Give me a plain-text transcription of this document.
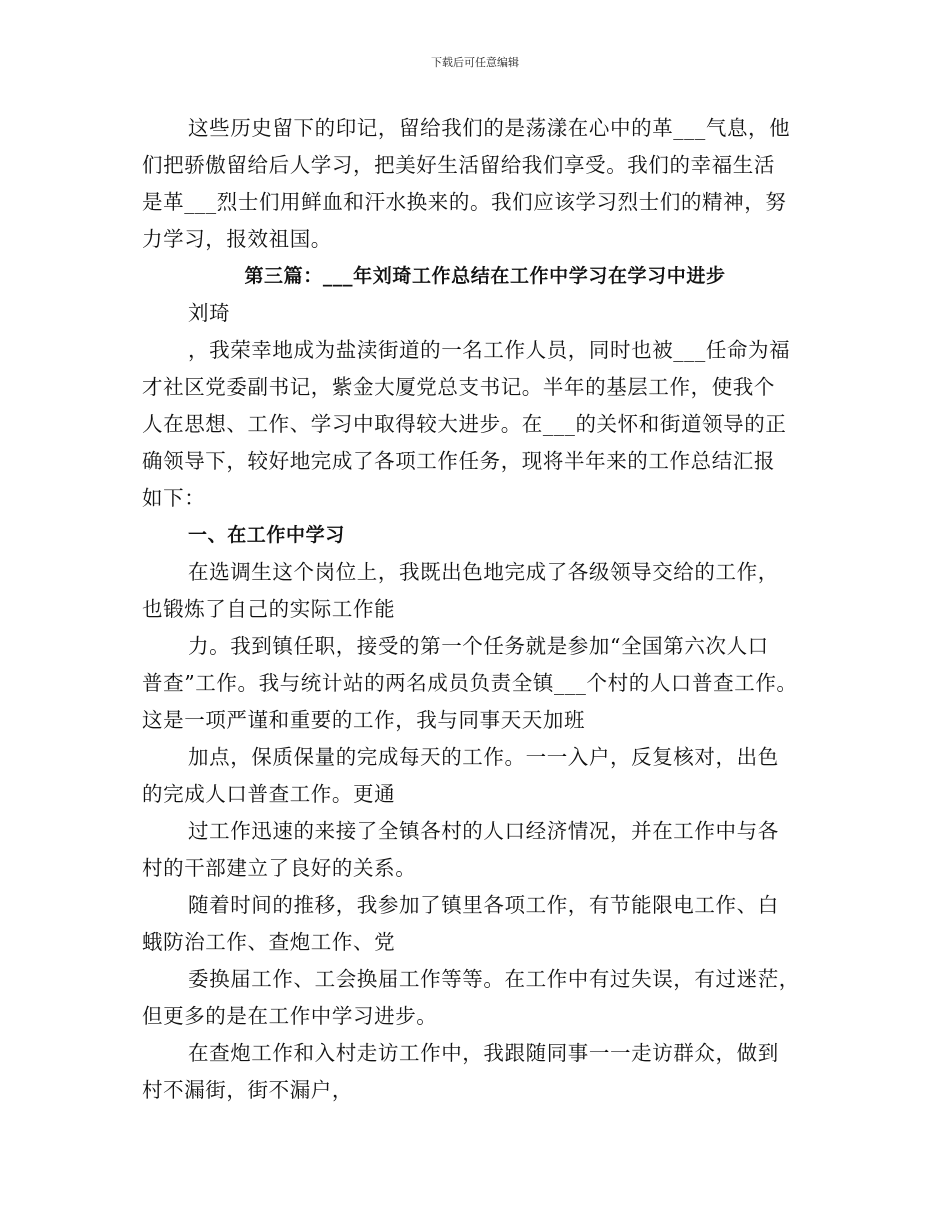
下载后可任意编辑
这些历史留下的印记，留给我们的是荡漾在心中的革___气息，他
们把骄傲留给后人学习，把美好生活留给我们享受。我们的幸福生活
是革___烈士们用鲜血和汗水换来的。我们应该学习烈士们的精神，努
力学习，报效祖国。
第三篇：___年刘琦工作总结在工作中学习在学习中进步
刘琦
，我荣幸地成为盐渎街道的一名工作人员，同时也被___任命为福
才社区党委副书记，紫金大厦党总支书记。半年的基层工作，使我个
人在思想、工作、学习中取得较大进步。在___的关怀和街道领导的正
确领导下，较好地完成了各项工作任务，现将半年来的工作总结汇报
如下：
一、在工作中学习
在选调生这个岗位上，我既出色地完成了各级领导交给的工作，
也锻炼了自己的实际工作能
力。我到镇任职，接受的第一个任务就是参加“全国第六次人口
普查”工作。我与统计站的两名成员负责全镇___个村的人口普查工作。
这是一项严谨和重要的工作，我与同事天天加班
加点，保质保量的完成每天的工作。一一入户，反复核对，出色
的完成人口普查工作。更通
过工作迅速的来接了全镇各村的人口经济情况，并在工作中与各
村的干部建立了良好的关系。
随着时间的推移，我参加了镇里各项工作，有节能限电工作、白
蛾防治工作、查炮工作、党
委换届工作、工会换届工作等等。在工作中有过失误，有过迷茫，
但更多的是在工作中学习进步。
在查炮工作和入村走访工作中，我跟随同事一一走访群众，做到
村不漏街，街不漏户，
